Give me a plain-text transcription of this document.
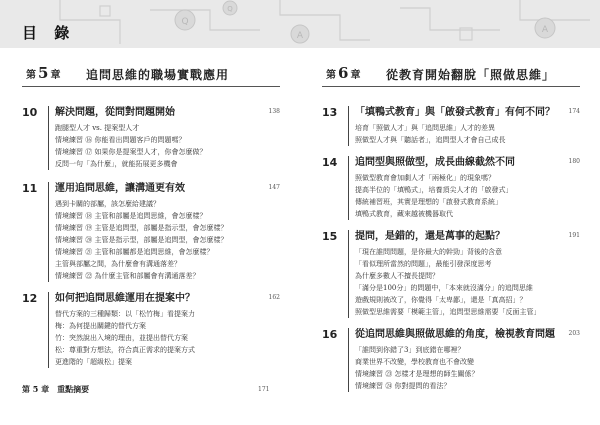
Q
A
A
Q
目 錄
第 5 章 追問思維的職場實戰應用
10	解決問題，從問對問題開始
跑腿型人才 vs. 提案型人才
情境練習 ⑯ 你能看出問題客戶的問題嗎？
情境練習 ⑰ 如果你是提案型人才，你會怎麼做？
反問一句「為什麼」，就能拓展更多機會
138
11	運用追問思維，讓溝通更有效
遇到卡關的部屬，該怎麼給建議？
情境練習 ⑱ 主管和部屬是追問思維，會怎麼樣？
情境練習 ⑲ 主管是追問型，部屬是指示型，會怎麼樣？
情境練習 ⑳ 主管是指示型，部屬是追問型，會怎麼樣？
情境練習 ㉑ 主管和部屬都是追問思維，會怎麼樣？
主管與部屬之間，為什麼會有溝通落差？
情境練習 ㉒ 為什麼主管和部屬會有溝通落差？
147
12	如何把追問思維運用在提案中？
替代方案的三種歸類：以「松竹梅」看提案力
梅：為何提出關鍵的替代方案
竹：突然說出入境的理由，並提出替代方案
松：尊重對方想法，符合真正需求的提案方式
更進階的「超級松」提案
162
第 5 章　重點摘要	171
第 6 章 從教育開始翻脫「照做思維」
13	「填鴨式教育」與「啟發式教育」有何不同？
培育「照做人才」與「追問思維」人才的差異
照做型人才與「聽話者」，追問型人才會自己成長
174
14	追問型與照做型，成長曲線截然不同
照做型教育會加劇人才「兩極化」的現象嗎？
提高半位的「填鴨式」，培養頂尖人才的「啟發式」
傳統補習班，其實是理想的「啟發式教育系統」
填鴨式教育，藏來越被機器取代
180
15	提問，是錯的，還是萬事的起點？
「現在誰問問題，是你最大的幹勁」背後的含意
「看似理所當然的問題」，最能引發深度思考
為什麼多數人不擅長提問？
「滿分是100分」的問題中，「本來就沒滿分」的追問思維
遊戲規則被改了，你覺得「太卑鄙」，還是「真高招」？
照做型思維需要「模範主管」，追問型思維需要「反面主管」
191
16	從追問思維與照做思維的角度，檢視教育問題
「誰問到你錯了3」到底錯在哪裡？
商業世界不改變，學校教育也不會改變
情境練習 ㉓ 怎樣才是理想的師生關係？
情境練習 ㉔ 你對提問的看法？
203
